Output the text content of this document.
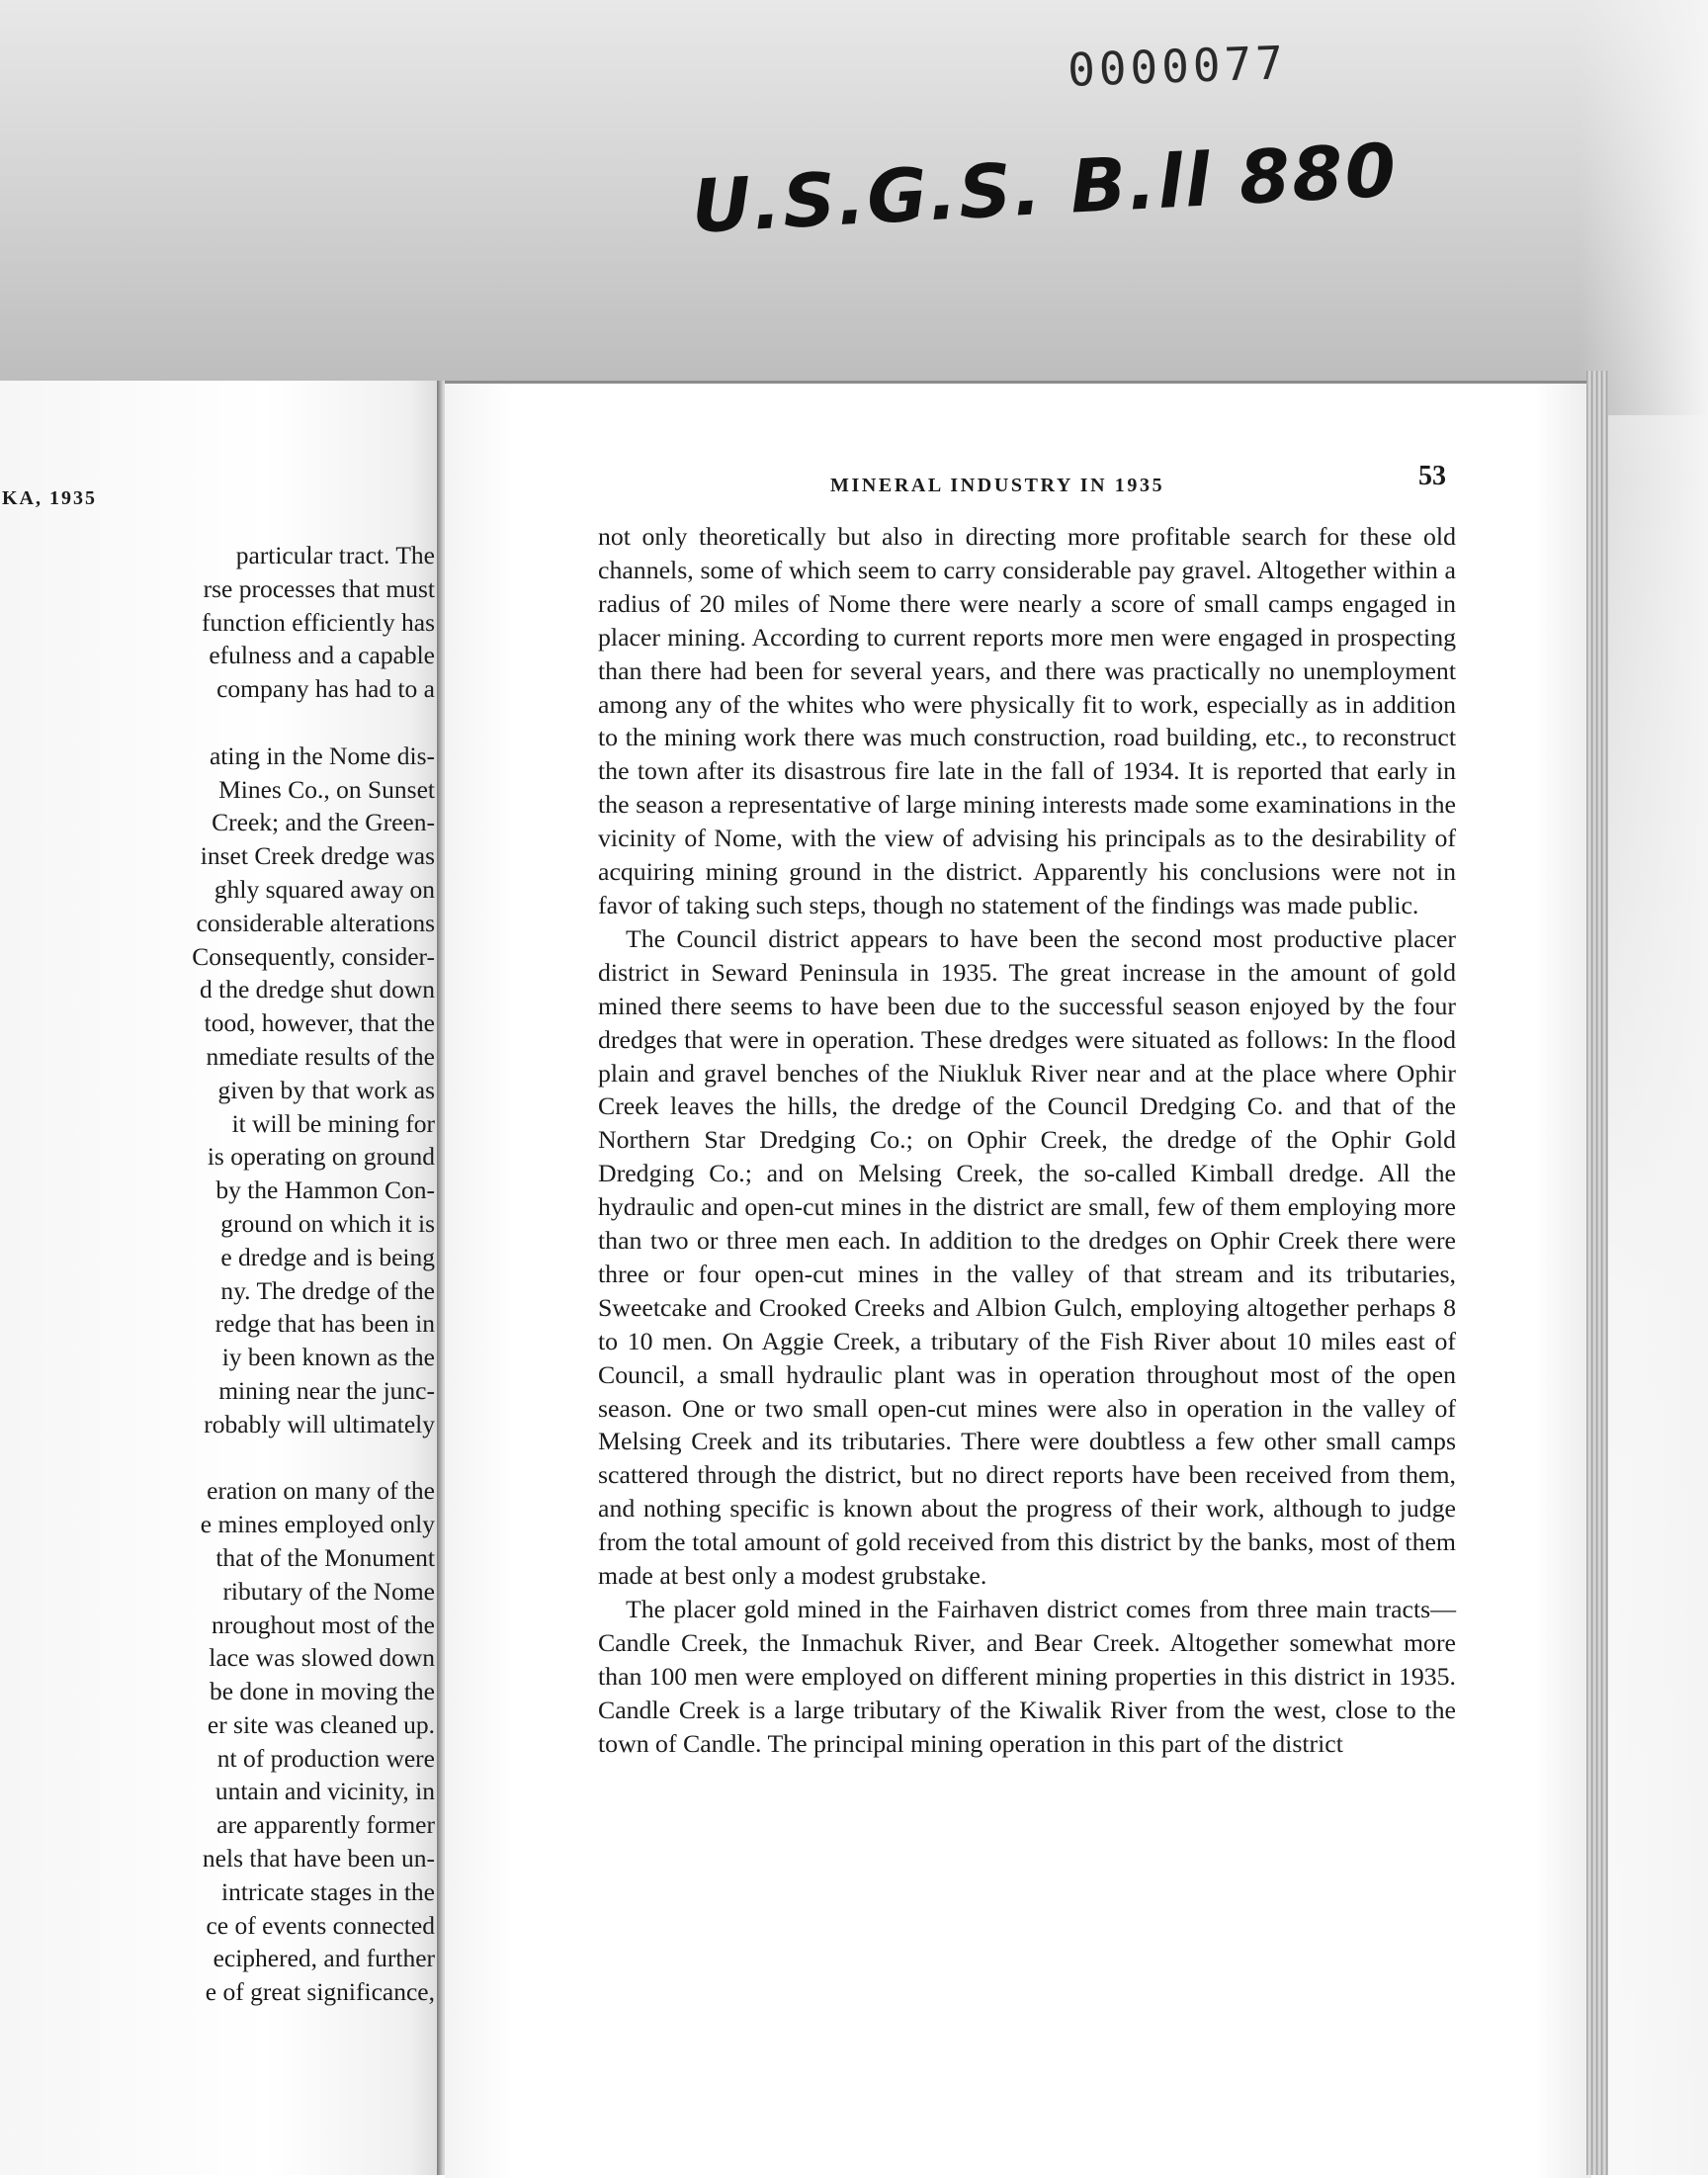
0000077
U.S.G.S. B.ll 880
KA, 1935
particular tract. The
rse processes that must
function efficiently has
efulness and a capable
company has had to a
ating in the Nome dis-
Mines Co., on Sunset
Creek; and the Green-
inset Creek dredge was
ghly squared away on
considerable alterations
Consequently, consider-
d the dredge shut down
tood, however, that the
nmediate results of the
given by that work as
it will be mining for
is operating on ground
by the Hammon Con-
ground on which it is
e dredge and is being
ny. The dredge of the
redge that has been in
iy been known as the
mining near the junc-
robably will ultimately
eration on many of the
e mines employed only
that of the Monument
ributary of the Nome
nroughout most of the
lace was slowed down
be done in moving the
er site was cleaned up.
nt of production were
untain and vicinity, in
are apparently former
nels that have been un-
intricate stages in the
ce of events connected
eciphered, and further
e of great significance,
MINERAL INDUSTRY IN 1935	53

not only theoretically but also in directing more profitable search for these old channels, some of which seem to carry considerable pay gravel. Altogether within a radius of 20 miles of Nome there were nearly a score of small camps engaged in placer mining. According to current reports more men were engaged in prospecting than there had been for several years, and there was practically no unemployment among any of the whites who were physically fit to work, especially as in addition to the mining work there was much construction, road building, etc., to reconstruct the town after its disastrous fire late in the fall of 1934. It is reported that early in the season a representative of large mining interests made some examinations in the vicinity of Nome, with the view of advising his principals as to the desirability of acquiring mining ground in the district. Apparently his conclusions were not in favor of taking such steps, though no statement of the findings was made public.

The Council district appears to have been the second most productive placer district in Seward Peninsula in 1935. The great increase in the amount of gold mined there seems to have been due to the successful season enjoyed by the four dredges that were in operation. These dredges were situated as follows: In the flood plain and gravel benches of the Niukluk River near and at the place where Ophir Creek leaves the hills, the dredge of the Council Dredging Co. and that of the Northern Star Dredging Co.; on Ophir Creek, the dredge of the Ophir Gold Dredging Co.; and on Melsing Creek, the so-called Kimball dredge. All the hydraulic and open-cut mines in the district are small, few of them employing more than two or three men each. In addition to the dredges on Ophir Creek there were three or four open-cut mines in the valley of that stream and its tributaries, Sweetcake and Crooked Creeks and Albion Gulch, employing altogether perhaps 8 to 10 men. On Aggie Creek, a tributary of the Fish River about 10 miles east of Council, a small hydraulic plant was in operation throughout most of the open season. One or two small open-cut mines were also in operation in the valley of Melsing Creek and its tributaries. There were doubtless a few other small camps scattered through the district, but no direct reports have been received from them, and nothing specific is known about the progress of their work, although to judge from the total amount of gold received from this district by the banks, most of them made at best only a modest grubstake.

The placer gold mined in the Fairhaven district comes from three main tracts—Candle Creek, the Inmachuk River, and Bear Creek. Altogether somewhat more than 100 men were employed on different mining properties in this district in 1935. Candle Creek is a large tributary of the Kiwalik River from the west, close to the town of Candle. The principal mining operation in this part of the district
